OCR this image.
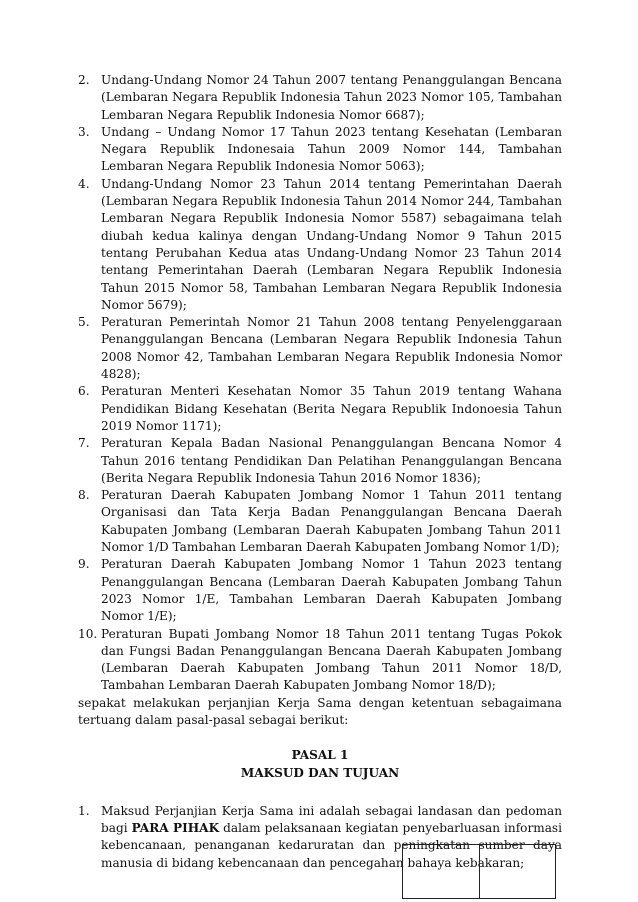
2. Undang-Undang Nomor 24 Tahun 2007 tentang Penanggulangan Bencana (Lembaran Negara Republik Indonesia Tahun 2023 Nomor 105, Tambahan Lembaran Negara Republik Indonesia Nomor 6687);
3. Undang – Undang Nomor 17 Tahun 2023 tentang Kesehatan (Lembaran Negara Republik Indonesaia Tahun 2009 Nomor 144, Tambahan Lembaran Negara Republik Indonesia Nomor 5063);
4. Undang-Undang Nomor 23 Tahun 2014 tentang Pemerintahan Daerah (Lembaran Negara Republik Indonesia Tahun 2014 Nomor 244, Tambahan Lembaran Negara Republik Indonesia Nomor 5587) sebagaimana telah diubah kedua kalinya dengan Undang-Undang Nomor 9 Tahun 2015 tentang Perubahan Kedua atas Undang-Undang Nomor 23 Tahun 2014 tentang Pemerintahan Daerah (Lembaran Negara Republik Indonesia Tahun 2015 Nomor 58, Tambahan Lembaran Negara Republik Indonesia Nomor 5679);
5. Peraturan Pemerintah Nomor 21 Tahun 2008 tentang Penyelenggaraan Penanggulangan Bencana (Lembaran Negara Republik Indonesia Tahun 2008 Nomor 42, Tambahan Lembaran Negara Republik Indonesia Nomor 4828);
6. Peraturan Menteri Kesehatan Nomor 35 Tahun 2019 tentang Wahana Pendidikan Bidang Kesehatan (Berita Negara Republik Indonoesia Tahun 2019 Nomor 1171);
7. Peraturan Kepala Badan Nasional Penanggulangan Bencana Nomor 4 Tahun 2016 tentang Pendidikan Dan Pelatihan Penanggulangan Bencana (Berita Negara Republik Indonesia Tahun 2016 Nomor 1836);
8. Peraturan Daerah Kabupaten Jombang Nomor 1 Tahun 2011 tentang Organisasi dan Tata Kerja Badan Penanggulangan Bencana Daerah Kabupaten Jombang (Lembaran Daerah Kabupaten Jombang Tahun 2011 Nomor 1/D Tambahan Lembaran Daerah Kabupaten Jombang Nomor 1/D);
9. Peraturan Daerah Kabupaten Jombang Nomor 1 Tahun 2023 tentang Penanggulangan Bencana (Lembaran Daerah Kabupaten Jombang Tahun 2023 Nomor 1/E, Tambahan Lembaran Daerah Kabupaten Jombang Nomor 1/E);
10. Peraturan Bupati Jombang Nomor 18 Tahun 2011 tentang Tugas Pokok dan Fungsi Badan Penanggulangan Bencana Daerah Kabupaten Jombang (Lembaran Daerah Kabupaten Jombang Tahun 2011 Nomor 18/D, Tambahan Lembaran Daerah Kabupaten Jombang Nomor 18/D);

sepakat melakukan perjanjian Kerja Sama dengan ketentuan sebagaimana tertuang dalam pasal-pasal sebagai berikut:

PASAL 1
MAKSUD DAN TUJUAN
1. Maksud Perjanjian Kerja Sama ini adalah sebagai landasan dan pedoman bagi PARA PIHAK dalam pelaksanaan kegiatan penyebarluasan informasi kebencanaan, penanganan kedaruratan dan peningkatan sumber daya manusia di bidang kebencanaan dan pencegahan bahaya kebakaran;
